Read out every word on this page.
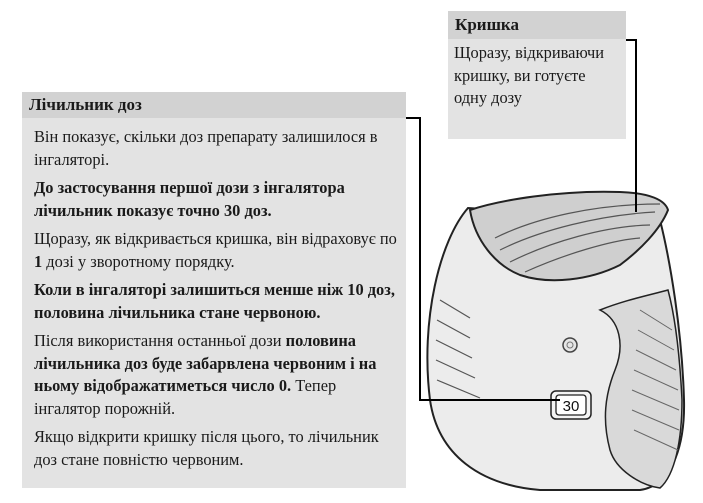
30
Лічильник доз

Він показує, скільки доз препарату залишилося в інгаляторі.

До застосування першої дози з інгалятора лічильник показує точно 30 доз.

Щоразу, як відкривається кришка, він відраховує по 1 дозі у зворотному порядку.

Коли в інгаляторі залишиться менше ніж 10 доз, половина лічильника стане червоною.

Після використання останньої дози половина лічильника доз буде забарвлена червоним і на ньому відображатиметься число 0. Тепер інгалятор порожній.

Якщо відкрити кришку після цього, то лічильник доз стане повністю червоним.

Кришка

Щоразу, відкриваючи кришку, ви готуєте одну дозу
